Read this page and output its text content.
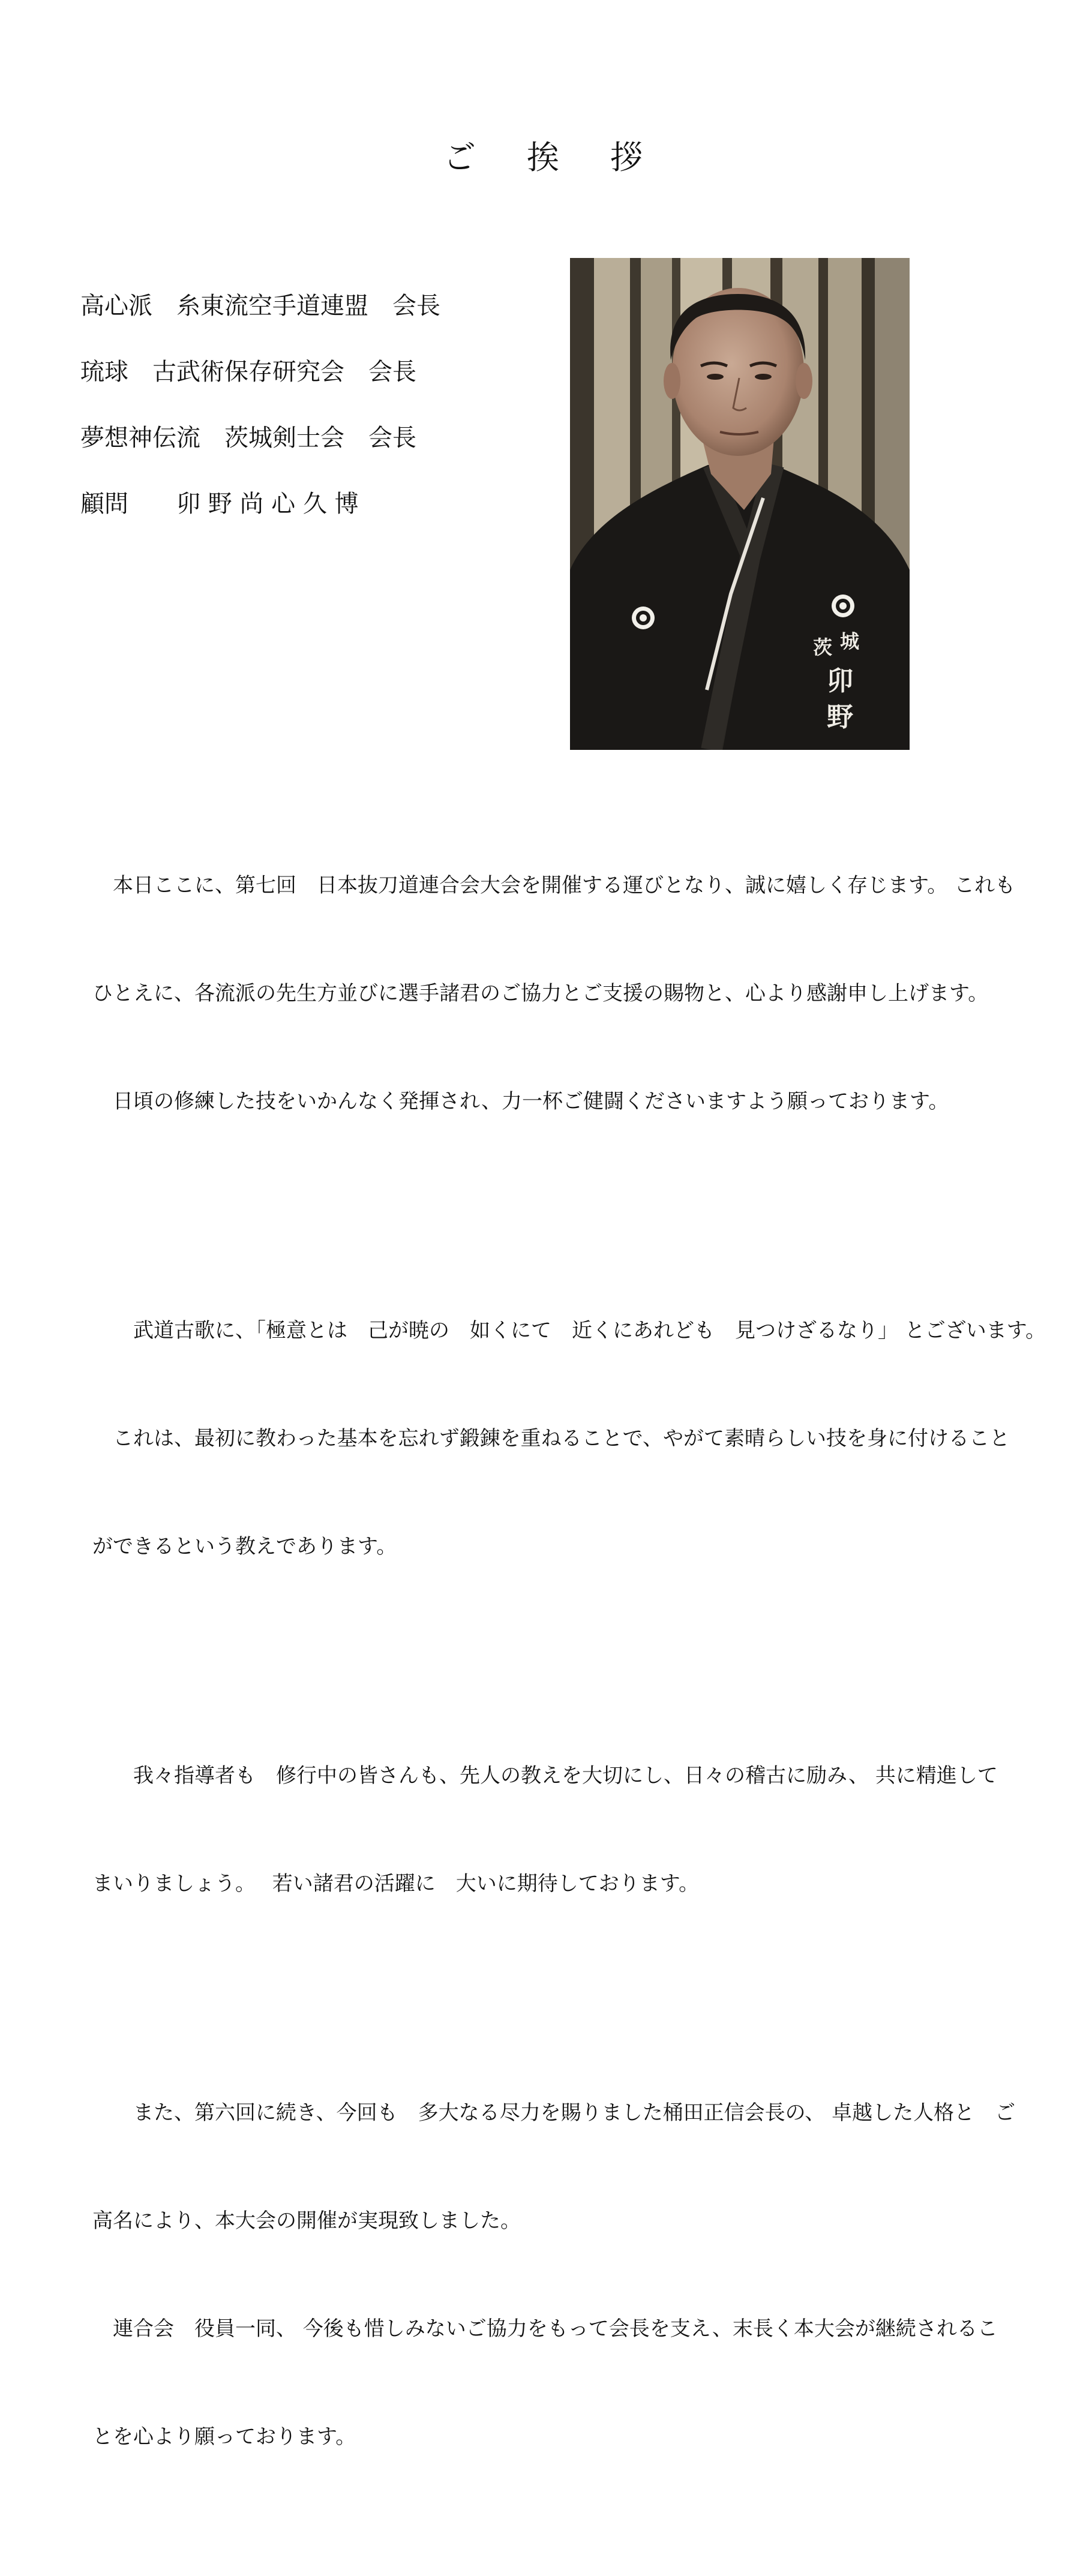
ご 挨 拶
高心派　糸東流空手道連盟　会長
琉球　古武術保存研究会　会長
夢想神伝流　茨城剣士会　会長
顧問　　卯 野 尚 心 久 博
茨 城
卯
野

　本日ここに、第七回　日本抜刀道連合会大会を開催する運びとなり、誠に嬉しく存じます。 これも

ひとえに、各流派の先生方並びに選手諸君のご協力とご支援の賜物と、心より感謝申し上げます。

　日頃の修練した技をいかんなく発揮され、力一杯ご健闘くださいますよう願っております。

　　武道古歌に、「極意とは　己が暁の　如くにて　近くにあれども　見つけざるなり」 とございます。

　これは、最初に教わった基本を忘れず鍛錬を重ねることで、やがて素晴らしい技を身に付けること

ができるという教えであります。

　　我々指導者も　修行中の皆さんも、先人の教えを大切にし、日々の稽古に励み、 共に精進して

まいりましょう。　 若い諸君の活躍に　大いに期待しております。

　　また、第六回に続き、今回も　多大なる尽力を賜りました桶田正信会長の、 卓越した人格と　ご

高名により、本大会の開催が実現致しました。

　連合会　役員一同、 今後も惜しみないご協力をもって会長を支え、末長く本大会が継続されるこ

とを心より願っております。
